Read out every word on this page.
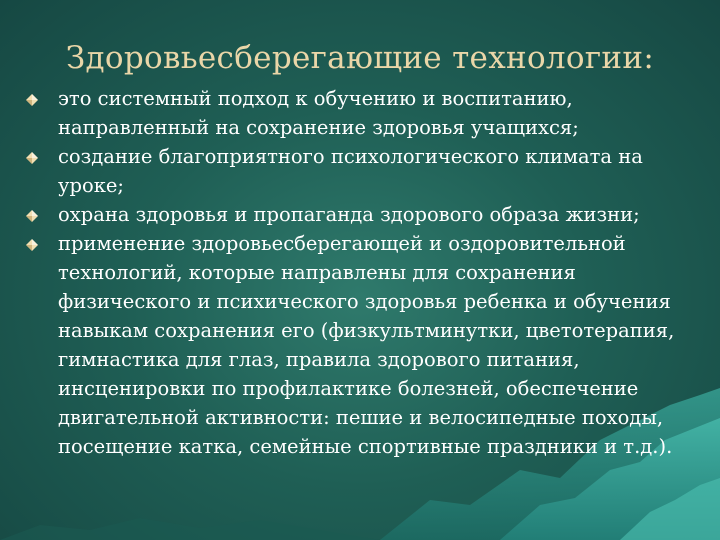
Здоровьесберегающие технологии:
это системный подход к обучению и воспитанию, направленный на сохранение здоровья учащихся;
создание благоприятного психологического климата на уроке;
охрана здоровья и пропаганда здорового образа жизни;
применение здоровьесберегающей и оздоровительной технологий, которые направлены для сохранения физического и психического здоровья ребенка и обучения навыкам сохранения его (физкультминутки, цветотерапия, гимнастика для глаз, правила здорового питания, инсценировки по профилактике болезней, обеспечение двигательной активности: пешие и велосипедные походы, посещение катка, семейные спортивные праздники и т.д.).
